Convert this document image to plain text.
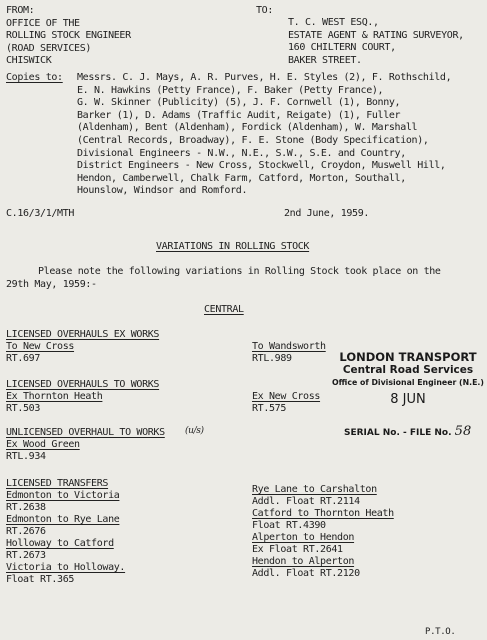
FROM:
OFFICE OF THE
ROLLING STOCK ENGINEER
(ROAD SERVICES)
CHISWICK
TO:
T. C. WEST ESQ.,
ESTATE AGENT & RATING SURVEYOR,
160 CHILTERN COURT,
BAKER STREET.
Copies to: Messrs. C. J. Mays, A. R. Purves, H. E. Styles (2), F. Rothschild,
E. N. Hawkins (Petty France), F. Baker (Petty France),
G. W. Skinner (Publicity) (5), J. F. Cornwell (1), Bonny,
Barker (1), D. Adams (Traffic Audit, Reigate) (1), Fuller
(Aldenham), Bent (Aldenham), Fordick (Aldenham), W. Marshall
(Central Records, Broadway), F. E. Stone (Body Specification),
Divisional Engineers - N.W., N.E., S.W., S.E. and Country,
District Engineers - New Cross, Stockwell, Croydon, Muswell Hill,
Hendon, Camberwell, Chalk Farm, Catford, Morton, Southall,
Hounslow, Windsor and Romford.
C.16/3/1/MTH	2nd June, 1959.
VARIATIONS IN ROLLING STOCK
Please note the following variations in Rolling Stock took place on the
29th May, 1959:-
CENTRAL
LICENSED OVERHAULS EX WORKS
To New Cross
RT.697
To Wandsworth
RTL.989
LICENSED OVERHAULS TO WORKS
Ex Thornton Heath
RT.503
Ex New Cross
RT.575
UNLICENSED OVERHAUL TO WORKS (u/s)
Ex Wood Green
RTL.934
LICENSED TRANSFERS
Edmonton to Victoria
RT.2638
Edmonton to Rye Lane
RT.2676
Holloway to Catford
RT.2673
Victoria to Holloway.
Float RT.365
Rye Lane to Carshalton
Addl. Float RT.2114
Catford to Thornton Heath
Float RT.4390
Alperton to Hendon
Ex Float RT.2641
Hendon to Alperton
Addl. Float RT.2120
LONDON TRANSPORT
Central Road Services
Office of Divisional Engineer (N.E.)
8 JUN
SERIAL No. - FILE No. 58
P.T.O.
